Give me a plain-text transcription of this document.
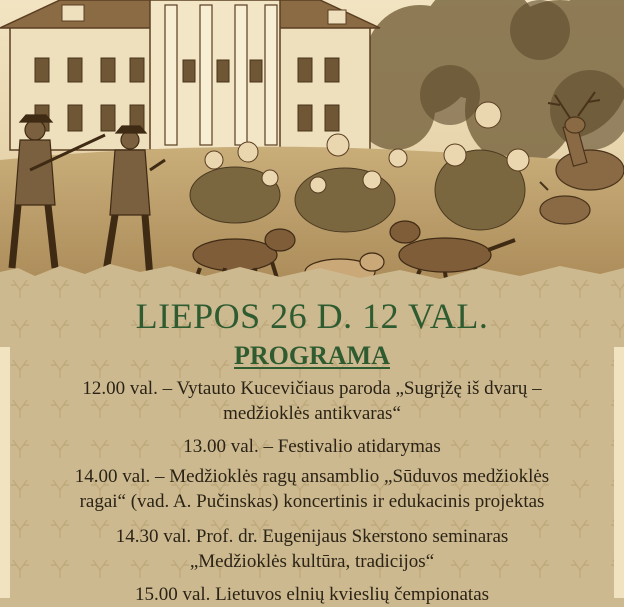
LIEPOS 26 D. 12 VAL.
PROGRAMA
12.00 val. – Vytauto Kucevičiaus paroda „Sugrįžę iš dvarų –
medžioklės antikvaras“
13.00 val. – Festivalio atidarymas
14.00 val. – Medžioklės ragų ansamblio „Sūduvos medžioklės
ragai“ (vad. A. Pučinskas) koncertinis ir edukacinis projektas
14.30 val. Prof. dr. Eugenijaus Skerstono seminaras
„Medžioklės kultūra, tradicijos“
15.00 val. Lietuvos elnių kvieslių čempionatas
